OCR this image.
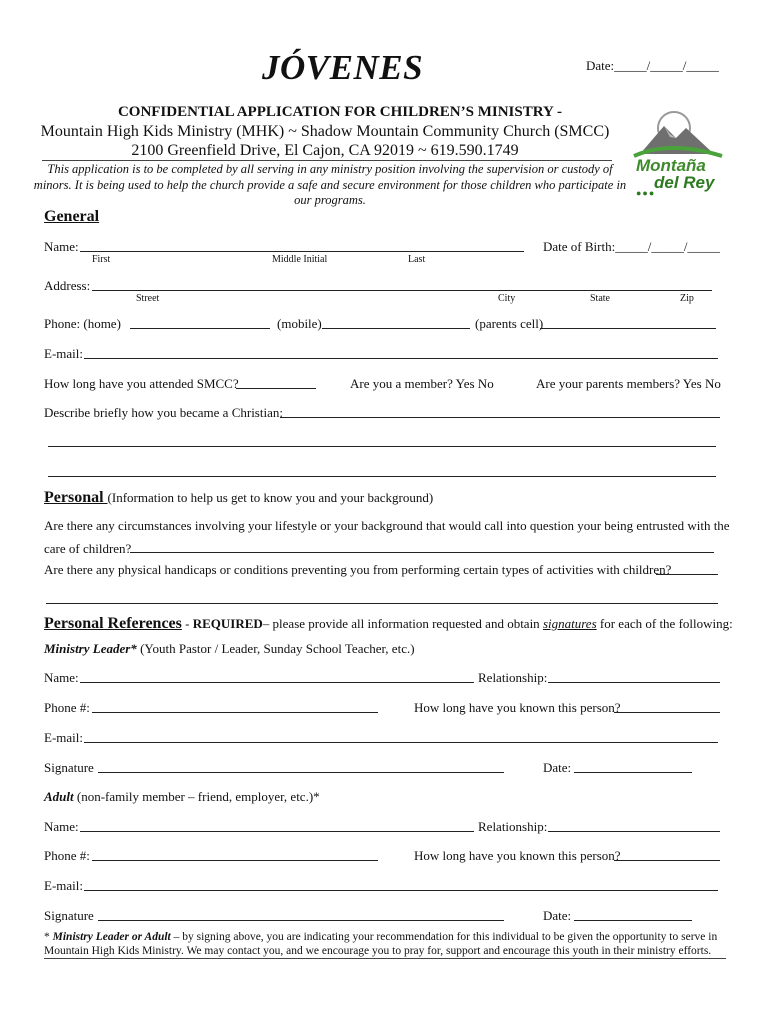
JÓVENES	Date:_____/_____/_____
CONFIDENTIAL APPLICATION FOR CHILDREN’S MINISTRY -
Mountain High Kids Ministry (MHK) ~ Shadow Mountain Community Church (SMCC)
2100 Greenfield Drive, El Cajon, CA 92019 ~ 619.590.1749
This application is to be completed by all serving in any ministry position involving the supervision or custody of minors. It is being used to help the church provide a safe and secure environment for those children who participate in our programs.
Montaña
del Rey
●●●
General
Name:	Date of Birth:_____/_____/_____
First	Middle Initial	Last
Address:
Street	City	State	Zip
Phone: (home)	(mobile)	(parents cell)
E-mail:
How long have you attended SMCC?	Are you a member? Yes No	Are your parents members? Yes No
Describe briefly how you became a Christian:
Personal (Information to help us get to know you and your background)
Are there any circumstances involving your lifestyle or your background that would call into question your being entrusted with the
care of children?
Are there any physical handicaps or conditions preventing you from performing certain types of activities with children?
Personal References - REQUIRED– please provide all information requested and obtain signatures for each of the following:
Ministry Leader* (Youth Pastor / Leader, Sunday School Teacher, etc.)
Name:	Relationship:
Phone #:	How long have you known this person?
E-mail:
Signature	Date:
Adult (non-family member – friend, employer, etc.)*
Name:	Relationship:
Phone #:	How long have you known this person?
E-mail:
Signature	Date:
* Ministry Leader or Adult – by signing above, you are indicating your recommendation for this individual to be given the opportunity to serve in Mountain High Kids Ministry. We may contact you, and we encourage you to pray for, support and encourage this youth in their ministry efforts.
